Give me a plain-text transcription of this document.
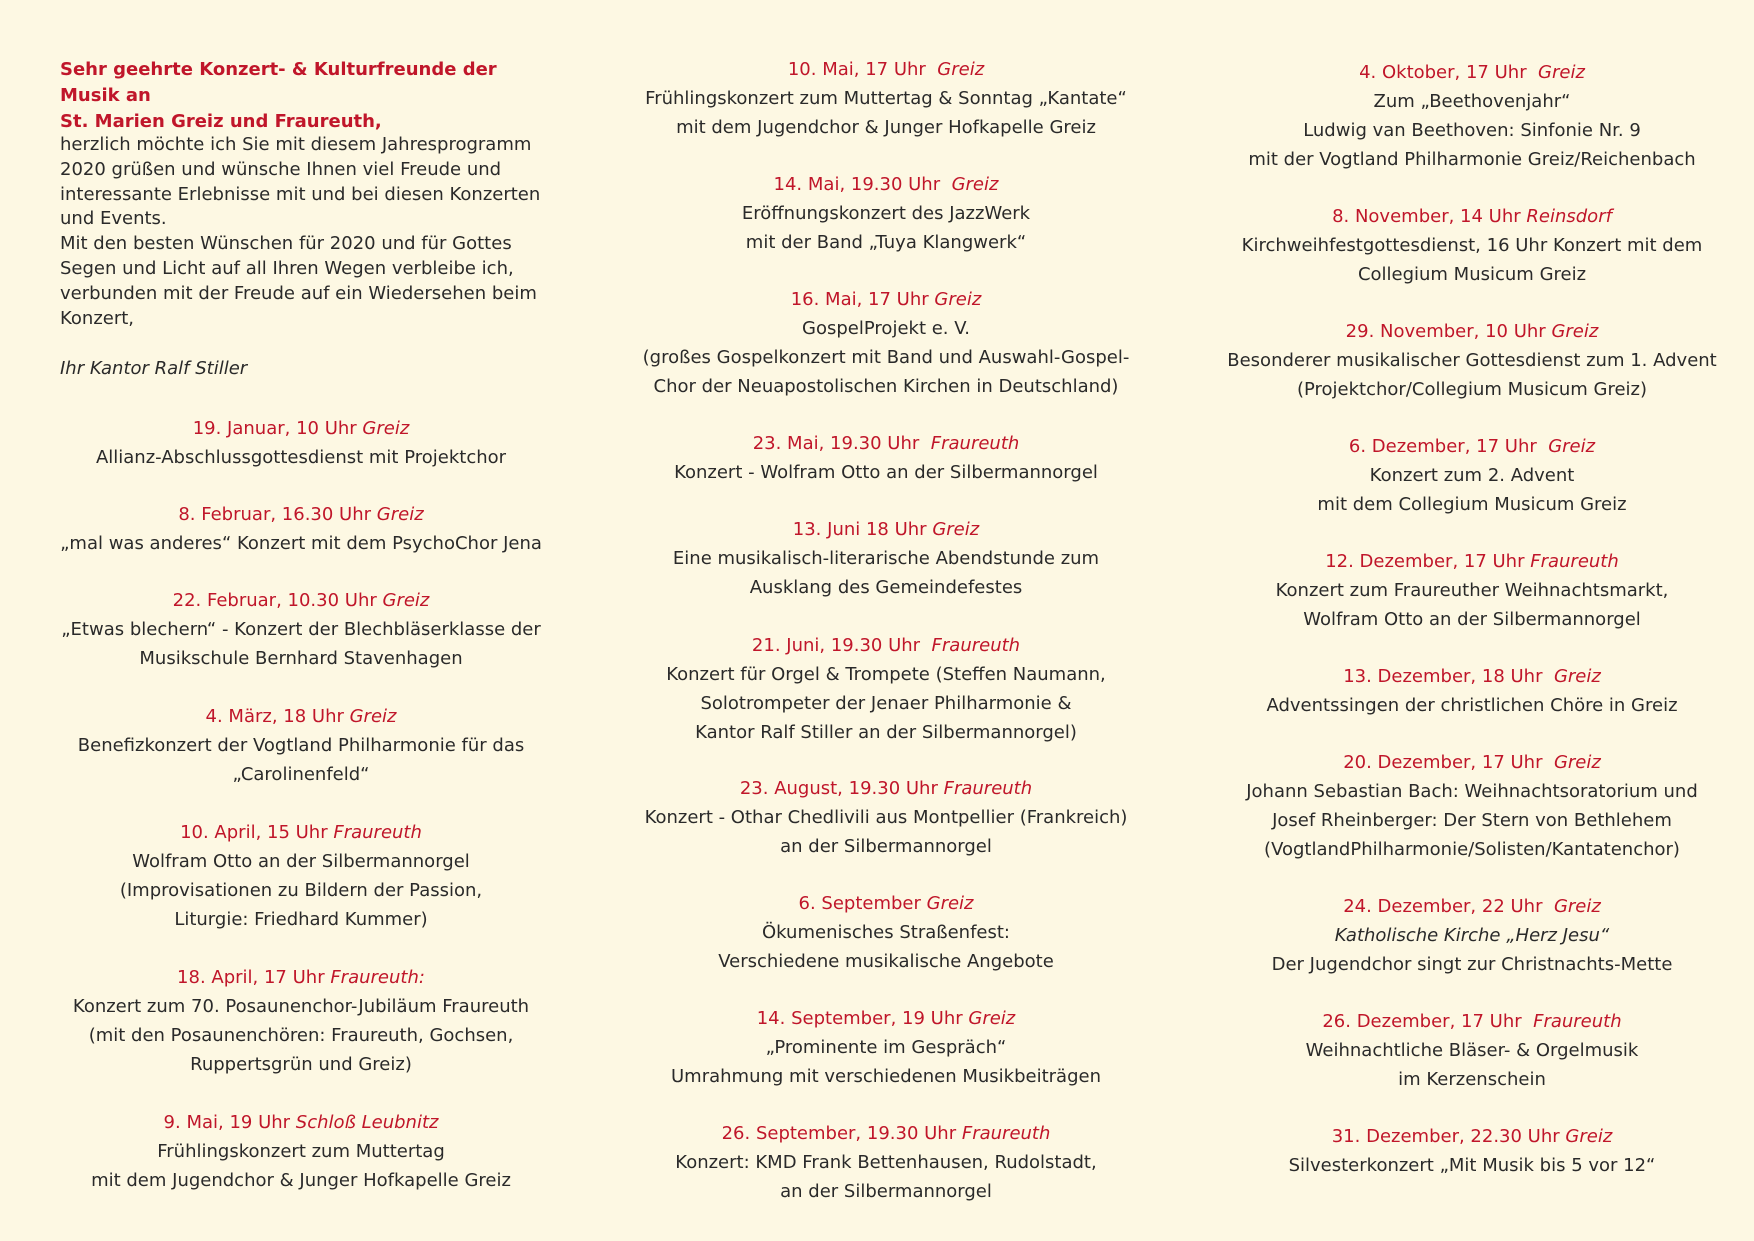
Sehr geehrte Konzert- & Kulturfreunde der Musik an
St. Marien Greiz und Fraureuth,
herzlich möchte ich Sie mit diesem Jahresprogramm
2020 grüßen und wünsche Ihnen viel Freude und
interessante Erlebnisse mit und bei diesen Konzerten
und Events.
Mit den besten Wünschen für 2020 und für Gottes
Segen und Licht auf all Ihren Wegen verbleibe ich,
verbunden mit der Freude auf ein Wiedersehen beim
Konzert,
Ihr Kantor Ralf Stiller
19. Januar, 10 Uhr Greiz
Allianz-Abschlussgottesdienst mit Projektchor
8. Februar, 16.30 Uhr Greiz
„mal was anderes“ Konzert mit dem PsychoChor Jena
22. Februar, 10.30 Uhr Greiz
„Etwas blechern“ - Konzert der Blechbläserklasse der
Musikschule Bernhard Stavenhagen
4. März, 18 Uhr Greiz
Benefizkonzert der Vogtland Philharmonie für das
„Carolinenfeld“
10. April, 15 Uhr Fraureuth
Wolfram Otto an der Silbermannorgel
(Improvisationen zu Bildern der Passion,
Liturgie: Friedhard Kummer)
18. April, 17 Uhr Fraureuth:
Konzert zum 70. Posaunenchor-Jubiläum Fraureuth
(mit den Posaunenchören: Fraureuth, Gochsen,
Ruppertsgrün und Greiz)
9. Mai, 19 Uhr Schloß Leubnitz
Frühlingskonzert zum Muttertag
mit dem Jugendchor & Junger Hofkapelle Greiz
10. Mai, 17 Uhr  Greiz
Frühlingskonzert zum Muttertag & Sonntag „Kantate“
mit dem Jugendchor & Junger Hofkapelle Greiz
14. Mai, 19.30 Uhr  Greiz
Eröffnungskonzert des JazzWerk
mit der Band „Tuya Klangwerk“
16. Mai, 17 Uhr Greiz
GospelProjekt e. V.
(großes Gospelkonzert mit Band und Auswahl-Gospel-
Chor der Neuapostolischen Kirchen in Deutschland)
23. Mai, 19.30 Uhr  Fraureuth
Konzert - Wolfram Otto an der Silbermannorgel
13. Juni 18 Uhr Greiz
Eine musikalisch-literarische Abendstunde zum
Ausklang des Gemeindefestes
21. Juni, 19.30 Uhr  Fraureuth
Konzert für Orgel & Trompete (Steffen Naumann,
Solotrompeter der Jenaer Philharmonie &
Kantor Ralf Stiller an der Silbermannorgel)
23. August, 19.30 Uhr Fraureuth
Konzert - Othar Chedlivili aus Montpellier (Frankreich)
an der Silbermannorgel
6. September Greiz
Ökumenisches Straßenfest:
Verschiedene musikalische Angebote
14. September, 19 Uhr Greiz
„Prominente im Gespräch“
Umrahmung mit verschiedenen Musikbeiträgen
26. September, 19.30 Uhr Fraureuth
Konzert: KMD Frank Bettenhausen, Rudolstadt,
an der Silbermannorgel
4. Oktober, 17 Uhr  Greiz
Zum „Beethovenjahr“
Ludwig van Beethoven: Sinfonie Nr. 9
mit der Vogtland Philharmonie Greiz/Reichenbach
8. November, 14 Uhr Reinsdorf
Kirchweihfestgottesdienst, 16 Uhr Konzert mit dem
Collegium Musicum Greiz
29. November, 10 Uhr Greiz
Besonderer musikalischer Gottesdienst zum 1. Advent
(Projektchor/Collegium Musicum Greiz)
6. Dezember, 17 Uhr  Greiz
Konzert zum 2. Advent
mit dem Collegium Musicum Greiz
12. Dezember, 17 Uhr Fraureuth
Konzert zum Fraureuther Weihnachtsmarkt,
Wolfram Otto an der Silbermannorgel
13. Dezember, 18 Uhr  Greiz
Adventssingen der christlichen Chöre in Greiz
20. Dezember, 17 Uhr  Greiz
Johann Sebastian Bach: Weihnachtsoratorium und
Josef Rheinberger: Der Stern von Bethlehem
(VogtlandPhilharmonie/Solisten/Kantatenchor)
24. Dezember, 22 Uhr  Greiz
Katholische Kirche „Herz Jesu“
Der Jugendchor singt zur Christnachts-Mette
26. Dezember, 17 Uhr  Fraureuth
Weihnachtliche Bläser- & Orgelmusik
im Kerzenschein
31. Dezember, 22.30 Uhr Greiz
Silvesterkonzert „Mit Musik bis 5 vor 12“
